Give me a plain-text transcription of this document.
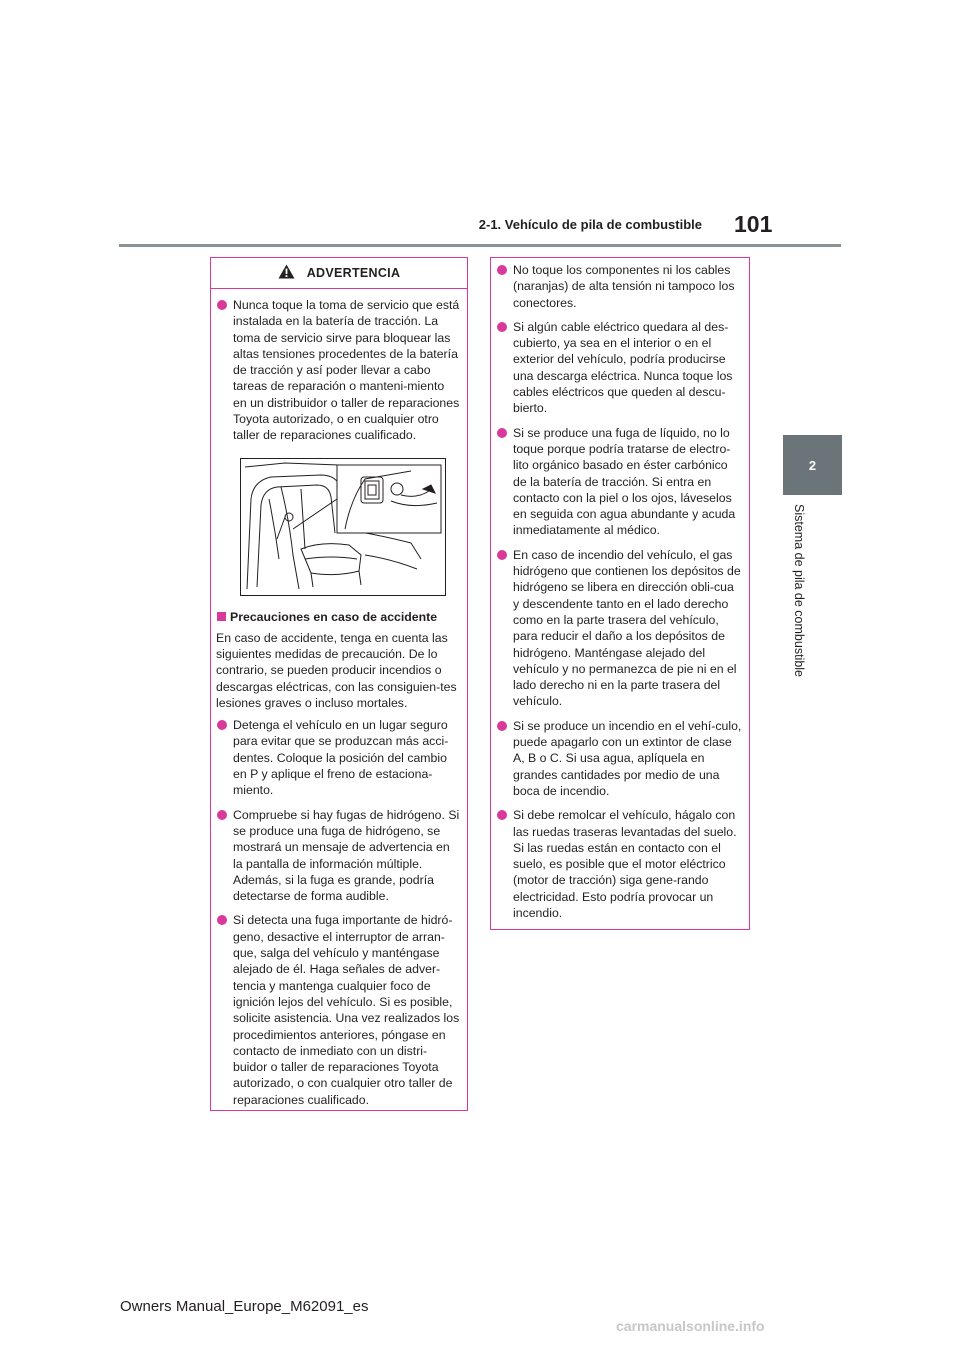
2-1. Vehículo de pila de combustible 101
2
Sistema de pila de combustible
ADVERTENCIA
Nunca toque la toma de servicio que está instalada en la batería de tracción. La toma de servicio sirve para bloquear las altas tensiones procedentes de la batería de tracción y así poder llevar a cabo tareas de reparación o manteni-miento en un distribuidor o taller de reparaciones Toyota autorizado, o en cualquier otro taller de reparaciones cualificado.
Precauciones en caso de accidente
En caso de accidente, tenga en cuenta las siguientes medidas de precaución. De lo contrario, se pueden producir incendios o descargas eléctricas, con las consiguien-tes lesiones graves o incluso mortales.
Detenga el vehículo en un lugar seguro para evitar que se produzcan más acci-dentes. Coloque la posición del cambio en P y aplique el freno de estaciona-miento.
Compruebe si hay fugas de hidrógeno. Si se produce una fuga de hidrógeno, se mostrará un mensaje de advertencia en la pantalla de información múltiple. Además, si la fuga es grande, podría detectarse de forma audible.
Si detecta una fuga importante de hidró-geno, desactive el interruptor de arran-que, salga del vehículo y manténgase alejado de él. Haga señales de adver-tencia y mantenga cualquier foco de ignición lejos del vehículo. Si es posible, solicite asistencia. Una vez realizados los procedimientos anteriores, póngase en contacto de inmediato con un distri-buidor o taller de reparaciones Toyota autorizado, o con cualquier otro taller de reparaciones cualificado.
No toque los componentes ni los cables (naranjas) de alta tensión ni tampoco los conectores.
Si algún cable eléctrico quedara al des-cubierto, ya sea en el interior o en el exterior del vehículo, podría producirse una descarga eléctrica. Nunca toque los cables eléctricos que queden al descu-bierto.
Si se produce una fuga de líquido, no lo toque porque podría tratarse de electro-lito orgánico basado en éster carbónico de la batería de tracción. Si entra en contacto con la piel o los ojos, láveselos en seguida con agua abundante y acuda inmediatamente al médico.
En caso de incendio del vehículo, el gas hidrógeno que contienen los depósitos de hidrógeno se libera en dirección obli-cua y descendente tanto en el lado derecho como en la parte trasera del vehículo, para reducir el daño a los depósitos de hidrógeno. Manténgase alejado del vehículo y no permanezca de pie ni en el lado derecho ni en la parte trasera del vehículo.
Si se produce un incendio en el vehí-culo, puede apagarlo con un extintor de clase A, B o C. Si usa agua, aplíquela en grandes cantidades por medio de una boca de incendio.
Si debe remolcar el vehículo, hágalo con las ruedas traseras levantadas del suelo. Si las ruedas están en contacto con el suelo, es posible que el motor eléctrico (motor de tracción) siga gene-rando electricidad. Esto podría provocar un incendio.
Owners Manual_Europe_M62091_es
carmanualsonline.info
